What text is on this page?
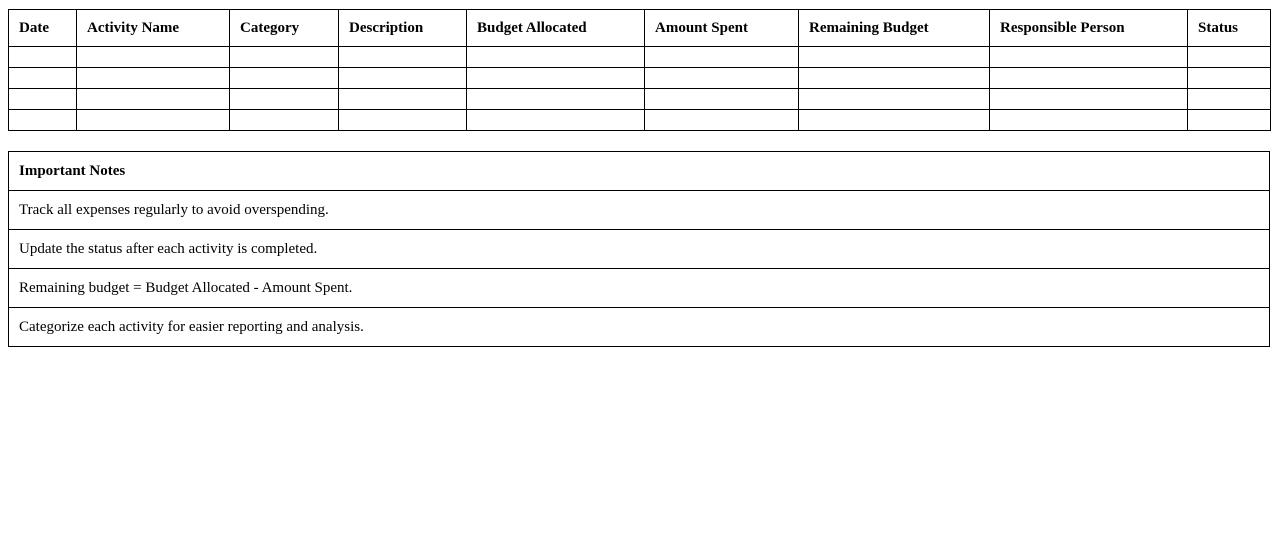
Date	Activity Name	Category	Description	Budget Allocated	Amount Spent	Remaining Budget	Responsible Person	Status

Important Notes
Track all expenses regularly to avoid overspending.
Update the status after each activity is completed.
Remaining budget = Budget Allocated - Amount Spent.
Categorize each activity for easier reporting and analysis.
